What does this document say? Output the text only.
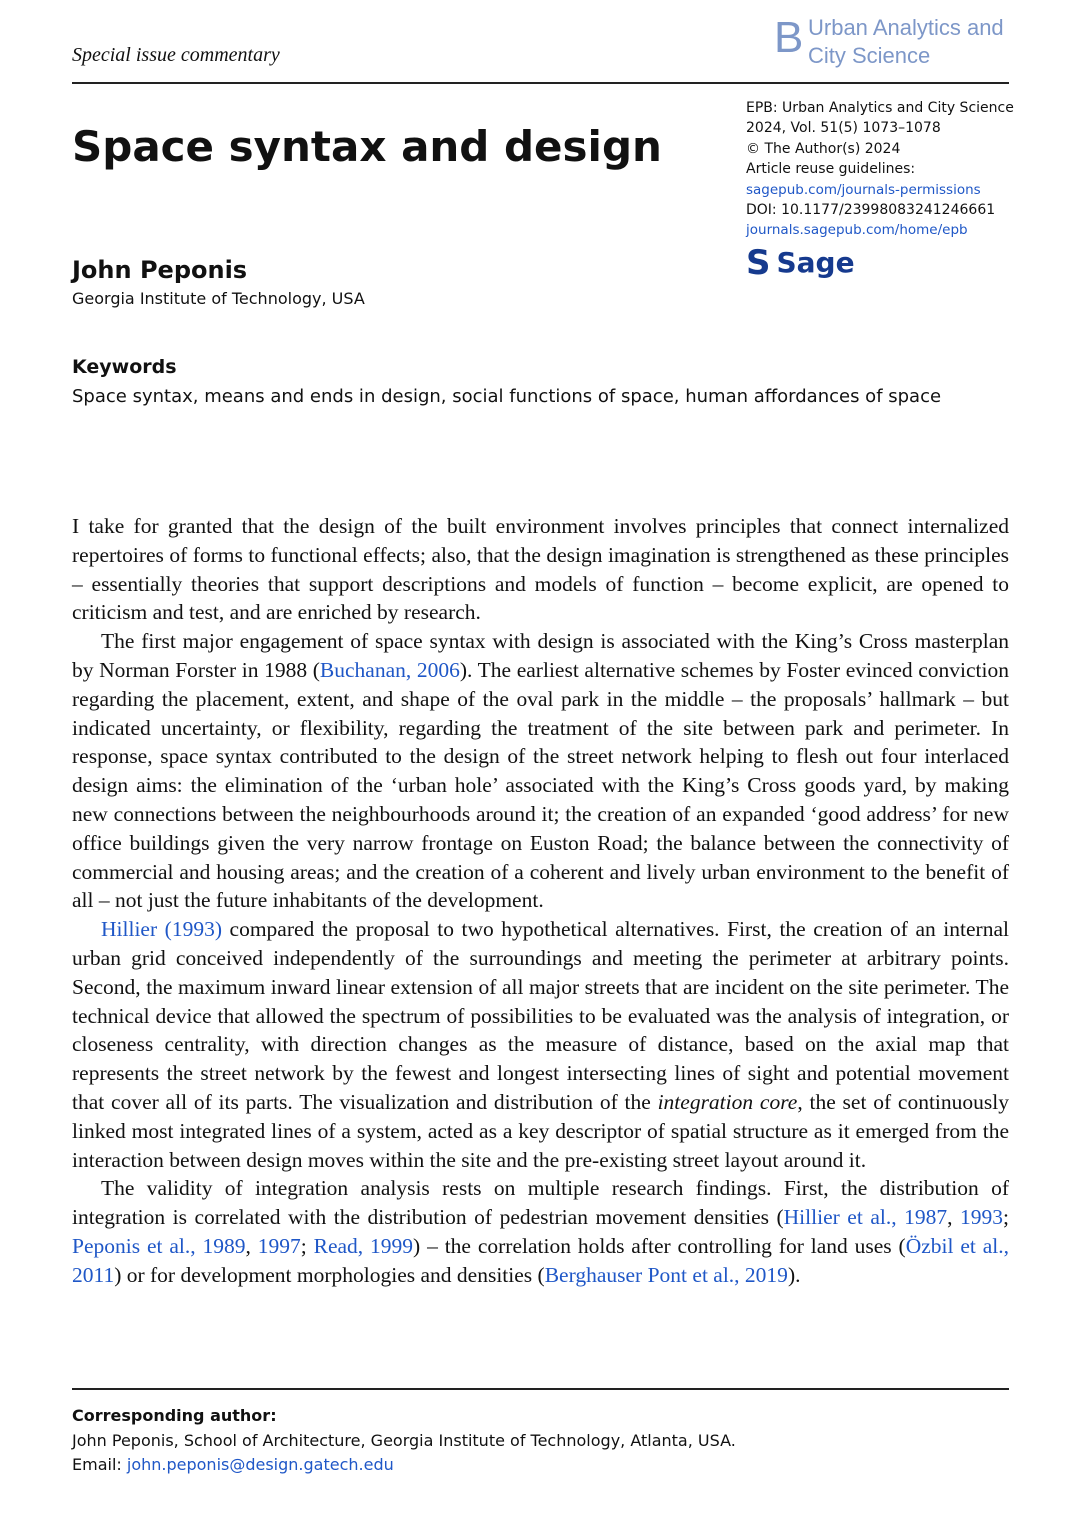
Special issue commentary	B Urban Analytics and
City Science
Space syntax and design
EPB: Urban Analytics and City Science
2024, Vol. 51(5) 1073–1078
© The Author(s) 2024
Article reuse guidelines:
sagepub.com/journals-permissions
DOI: 10.1177/23998083241246661
journals.sagepub.com/home/epb
S Sage
John Peponis
Georgia Institute of Technology, USA
Keywords
Space syntax, means and ends in design, social functions of space, human affordances of space

I take for granted that the design of the built environment involves principles that connect internalized repertoires of forms to functional effects; also, that the design imagination is strengthened as these principles – essentially theories that support descriptions and models of function – become explicit, are opened to criticism and test, and are enriched by research.

The first major engagement of space syntax with design is associated with the King’s Cross masterplan by Norman Forster in 1988 (Buchanan, 2006). The earliest alternative schemes by Foster evinced conviction regarding the placement, extent, and shape of the oval park in the middle – the proposals’ hallmark – but indicated uncertainty, or flexibility, regarding the treatment of the site between park and perimeter. In response, space syntax contributed to the design of the street network helping to flesh out four interlaced design aims: the elimination of the ‘urban hole’ associated with the King’s Cross goods yard, by making new connections between the neighbourhoods around it; the creation of an expanded ‘good address’ for new office buildings given the very narrow frontage on Euston Road; the balance between the connectivity of commercial and housing areas; and the creation of a coherent and lively urban environment to the benefit of all – not just the future inhabitants of the development.

Hillier (1993) compared the proposal to two hypothetical alternatives. First, the creation of an internal urban grid conceived independently of the surroundings and meeting the perimeter at arbitrary points. Second, the maximum inward linear extension of all major streets that are incident on the site perimeter. The technical device that allowed the spectrum of possibilities to be evaluated was the analysis of integration, or closeness centrality, with direction changes as the measure of distance, based on the axial map that represents the street network by the fewest and longest intersecting lines of sight and potential movement that cover all of its parts. The visualization and distribution of the integration core, the set of continuously linked most integrated lines of a system, acted as a key descriptor of spatial structure as it emerged from the interaction between design moves within the site and the pre-existing street layout around it.

The validity of integration analysis rests on multiple research findings. First, the distribution of integration is correlated with the distribution of pedestrian movement densities (Hillier et al., 1987, 1993; Peponis et al., 1989, 1997; Read, 1999) – the correlation holds after controlling for land uses (Özbil et al., 2011) or for development morphologies and densities (Berghauser Pont et al., 2019).

Corresponding author:
John Peponis, School of Architecture, Georgia Institute of Technology, Atlanta, USA.
Email: john.peponis@design.gatech.edu
